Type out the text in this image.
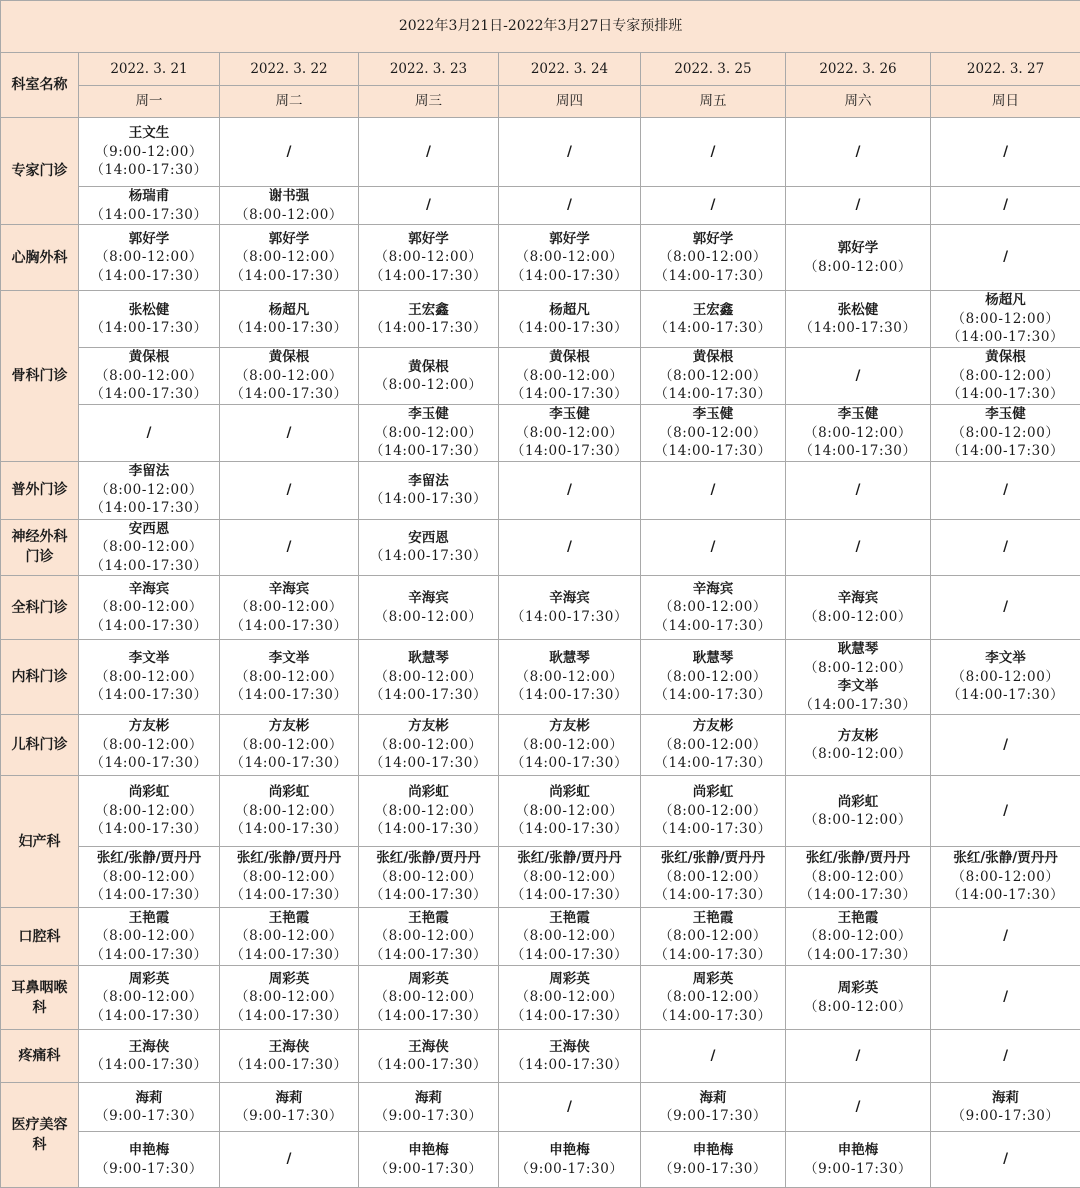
2022年3月21日-2022年3月27日专家预排班							
科室名称	2022. 3. 21	2022. 3. 22	2022. 3. 23	2022. 3. 24	2022. 3. 25	2022. 3. 26	2022. 3. 27
	周一	周二	周三	周四	周五	周六	周日
专家门诊	王文生
（9:00-12:00）
（14:00-17:30）	/	/	/	/	/	/

	杨瑞甫
（14:00-17:30）	谢书强
（8:00-12:00）	/	/	/	/	/

心胸外科	郭好学
（8:00-12:00）
（14:00-17:30）	郭好学
（8:00-12:00）
（14:00-17:30）	郭好学
（8:00-12:00）
（14:00-17:30）	郭好学
（8:00-12:00）
（14:00-17:30）	郭好学
（8:00-12:00）
（14:00-17:30）	郭好学
（8:00-12:00）	/

骨科门诊	张松健
（14:00-17:30）	杨超凡
（14:00-17:30）	王宏鑫
（14:00-17:30）	杨超凡
（14:00-17:30）	王宏鑫
（14:00-17:30）	张松健
（14:00-17:30）	杨超凡
（8:00-12:00）
（14:00-17:30）

	黄保根
（8:00-12:00）
（14:00-17:30）	黄保根
（8:00-12:00）
（14:00-17:30）	黄保根
（8:00-12:00）	黄保根
（8:00-12:00）
（14:00-17:30）	黄保根
（8:00-12:00）
（14:00-17:30）	/	黄保根
（8:00-12:00）
（14:00-17:30）

	/	/	李玉健
（8:00-12:00）
（14:00-17:30）	李玉健
（8:00-12:00）
（14:00-17:30）	李玉健
（8:00-12:00）
（14:00-17:30）	李玉健
（8:00-12:00）
（14:00-17:30）	李玉健
（8:00-12:00）
（14:00-17:30）

普外门诊	李留法
（8:00-12:00）
（14:00-17:30）	/	李留法
（14:00-17:30）	/	/	/	/

神经外科门诊	安西恩
（8:00-12:00）
（14:00-17:30）	/	安西恩
（14:00-17:30）	/	/	/	/

全科门诊	辛海宾
（8:00-12:00）
（14:00-17:30）	辛海宾
（8:00-12:00）
（14:00-17:30）	辛海宾
（8:00-12:00）	辛海宾
（14:00-17:30）	辛海宾
（8:00-12:00）
（14:00-17:30）	辛海宾
（8:00-12:00）	/

内科门诊	李文举
（8:00-12:00）
（14:00-17:30）	李文举
（8:00-12:00）
（14:00-17:30）	耿慧琴
（8:00-12:00）
（14:00-17:30）	耿慧琴
（8:00-12:00）
（14:00-17:30）	耿慧琴
（8:00-12:00）
（14:00-17:30）	耿慧琴
（8:00-12:00）
李文举
（14:00-17:30）	李文举
（8:00-12:00）
（14:00-17:30）

儿科门诊	方友彬
（8:00-12:00）
（14:00-17:30）	方友彬
（8:00-12:00）
（14:00-17:30）	方友彬
（8:00-12:00）
（14:00-17:30）	方友彬
（8:00-12:00）
（14:00-17:30）	方友彬
（8:00-12:00）
（14:00-17:30）	方友彬
（8:00-12:00）	/

妇产科	尚彩虹
（8:00-12:00）
（14:00-17:30）	尚彩虹
（8:00-12:00）
（14:00-17:30）	尚彩虹
（8:00-12:00）
（14:00-17:30）	尚彩虹
（8:00-12:00）
（14:00-17:30）	尚彩虹
（8:00-12:00）
（14:00-17:30）	尚彩虹
（8:00-12:00）	/

	张红/张静/贾丹丹
（8:00-12:00）
（14:00-17:30）	张红/张静/贾丹丹
（8:00-12:00）
（14:00-17:30）	张红/张静/贾丹丹
（8:00-12:00）
（14:00-17:30）	张红/张静/贾丹丹
（8:00-12:00）
（14:00-17:30）	张红/张静/贾丹丹
（8:00-12:00）
（14:00-17:30）	张红/张静/贾丹丹
（8:00-12:00）
（14:00-17:30）	张红/张静/贾丹丹
（8:00-12:00）
（14:00-17:30）

口腔科	王艳霞
（8:00-12:00）
（14:00-17:30）	王艳霞
（8:00-12:00）
（14:00-17:30）	王艳霞
（8:00-12:00）
（14:00-17:30）	王艳霞
（8:00-12:00）
（14:00-17:30）	王艳霞
（8:00-12:00）
（14:00-17:30）	王艳霞
（8:00-12:00）
（14:00-17:30）	/

耳鼻咽喉科	周彩英
（8:00-12:00）
（14:00-17:30）	周彩英
（8:00-12:00）
（14:00-17:30）	周彩英
（8:00-12:00）
（14:00-17:30）	周彩英
（8:00-12:00）
（14:00-17:30）	周彩英
（8:00-12:00）
（14:00-17:30）	周彩英
（8:00-12:00）	/

疼痛科	王海侠
（14:00-17:30）	王海侠
（14:00-17:30）	王海侠
（14:00-17:30）	王海侠
（14:00-17:30）	/	/	/

医疗美容科	海莉
（9:00-17:30）	海莉
（9:00-17:30）	海莉
（9:00-17:30）	/	海莉
（9:00-17:30）	/	海莉
（9:00-17:30）

	申艳梅
（9:00-17:30）	/	申艳梅
（9:00-17:30）	申艳梅
（9:00-17:30）	申艳梅
（9:00-17:30）	申艳梅
（9:00-17:30）	/
